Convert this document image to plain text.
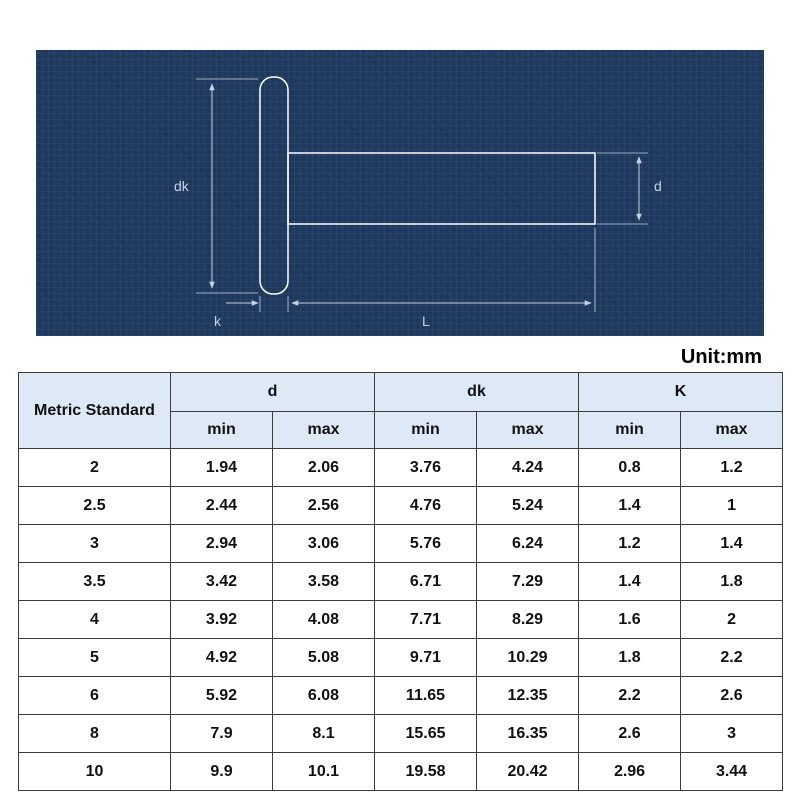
dk	d
k	L
Unit:mm
Metric Standard	d		dk		K	
	min	max	min	max	min	max
2	1.94	2.06	3.76	4.24	0.8	1.2
2.5	2.44	2.56	4.76	5.24	1.4	1
3	2.94	3.06	5.76	6.24	1.2	1.4
3.5	3.42	3.58	6.71	7.29	1.4	1.8
4	3.92	4.08	7.71	8.29	1.6	2
5	4.92	5.08	9.71	10.29	1.8	2.2
6	5.92	6.08	11.65	12.35	2.2	2.6
8	7.9	8.1	15.65	16.35	2.6	3
10	9.9	10.1	19.58	20.42	2.96	3.44
